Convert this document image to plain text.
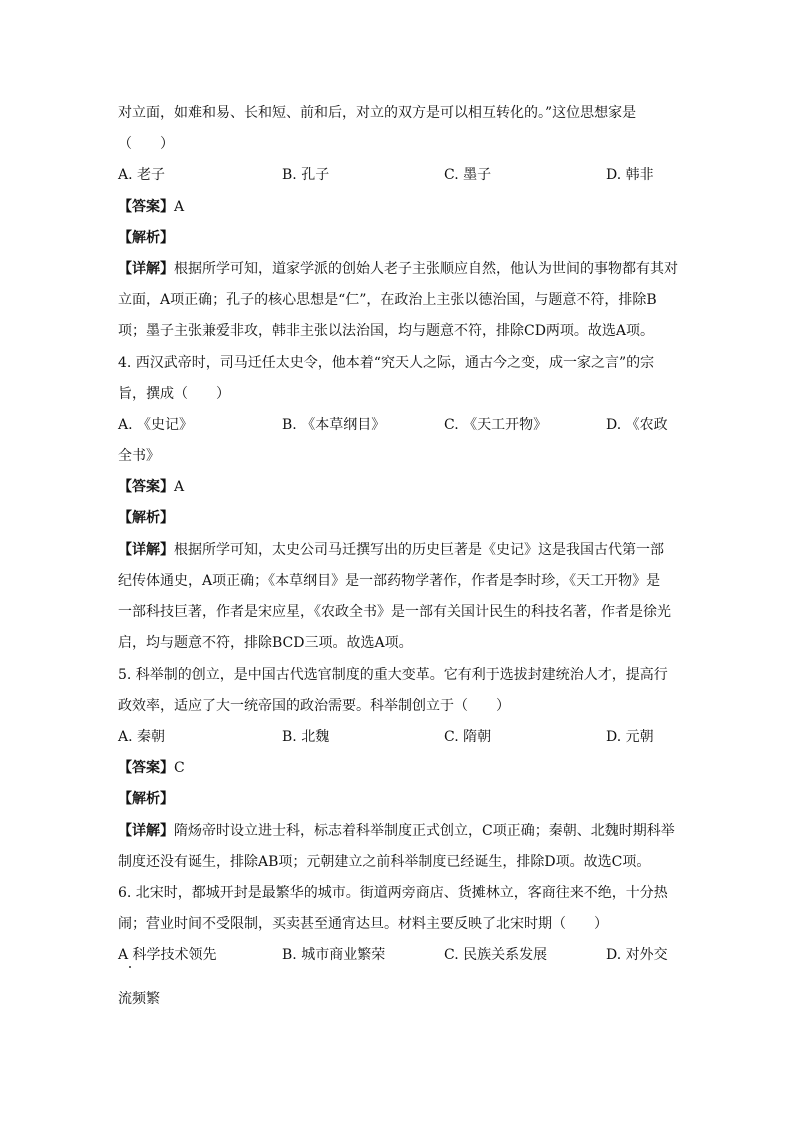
对立面，如难和易、长和短、前和后，对立的双方是可以相互转化的。”这位思想家是
（　　）
A. 老子	B. 孔子	C. 墨子	D. 韩非
【答案】A
【解析】
【详解】根据所学可知，道家学派的创始人老子主张顺应自然，他认为世间的事物都有其对
立面，A项正确；孔子的核心思想是“仁”，在政治上主张以德治国，与题意不符，排除B
项；墨子主张兼爱非攻，韩非主张以法治国，均与题意不符，排除CD两项。故选A项。
4. 西汉武帝时，司马迁任太史令，他本着“究天人之际，通古今之变，成一家之言”的宗
旨，撰成（　　）
A. 《史记》	B. 《本草纲目》	C. 《天工开物》	D. 《农政
全书》
【答案】A
【解析】
【详解】根据所学可知，太史公司马迁撰写出的历史巨著是《史记》这是我国古代第一部
纪传体通史，A项正确；《本草纲目》是一部药物学著作，作者是李时珍，《天工开物》是
一部科技巨著，作者是宋应星，《农政全书》是一部有关国计民生的科技名著，作者是徐光
启，均与题意不符，排除BCD三项。故选A项。
5. 科举制的创立，是中国古代选官制度的重大变革。它有利于选拔封建统治人才，提高行
政效率，适应了大一统帝国的政治需要。科举制创立于（　　）
A. 秦朝	B. 北魏	C. 隋朝	D. 元朝
【答案】C
【解析】
【详解】隋炀帝时设立进士科，标志着科举制度正式创立，C项正确；秦朝、北魏时期科举
制度还没有诞生，排除AB项；元朝建立之前科举制度已经诞生，排除D项。故选C项。
6. 北宋时，都城开封是最繁华的城市。街道两旁商店、货摊林立，客商往来不绝，十分热
闹；营业时间不受限制，买卖甚至通宵达旦。材料主要反映了北宋时期（　　）
A 科学技术领先	B. 城市商业繁荣	C. 民族关系发展	D. 对外交
流频繁
